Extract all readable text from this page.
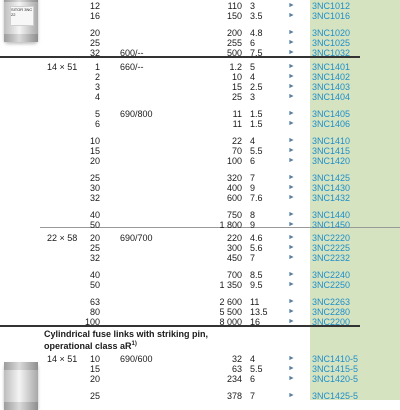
SITOR 3NC 22
12	110 3	► 3NC1012
16	150 3.5	► 3NC1016
20	200 4.8	► 3NC1020
25	255 6	► 3NC1025
32 600/--	500 7.5	► 3NC1032
14 × 51	1 660/--	1.2 5	► 3NC1401
2	10 4	► 3NC1402
3	15 2.5	► 3NC1403
4	25 3	► 3NC1404
5 690/800	11 1.5	► 3NC1405
6	11 1.5	► 3NC1406
10	22 4	► 3NC1410
15	70 5.5	► 3NC1415
20	100 6	► 3NC1420
25	320 7	► 3NC1425
30	400 9	► 3NC1430
32	600 7.6	► 3NC1432
40	750 8	► 3NC1440
50	1 800 9	► 3NC1450
22 × 58	20 690/700	220 4.6	► 3NC2220
25	300 5.6	► 3NC2225
32	450 7	► 3NC2232
40	700 8.5	► 3NC2240
50	1 350 9.5	► 3NC2250
63	2 600 11	► 3NC2263
80	5 500 13.5	► 3NC2280
100	8 000 16	► 3NC2200
14 × 51	10 690/600	32 4	► 3NC1410-5
15	63 5.5	► 3NC1415-5
20	234 6	► 3NC1420-5
25	378 7	► 3NC1425-5
Cylindrical fuse links with striking pin,
operational class $aR^{1)}$
